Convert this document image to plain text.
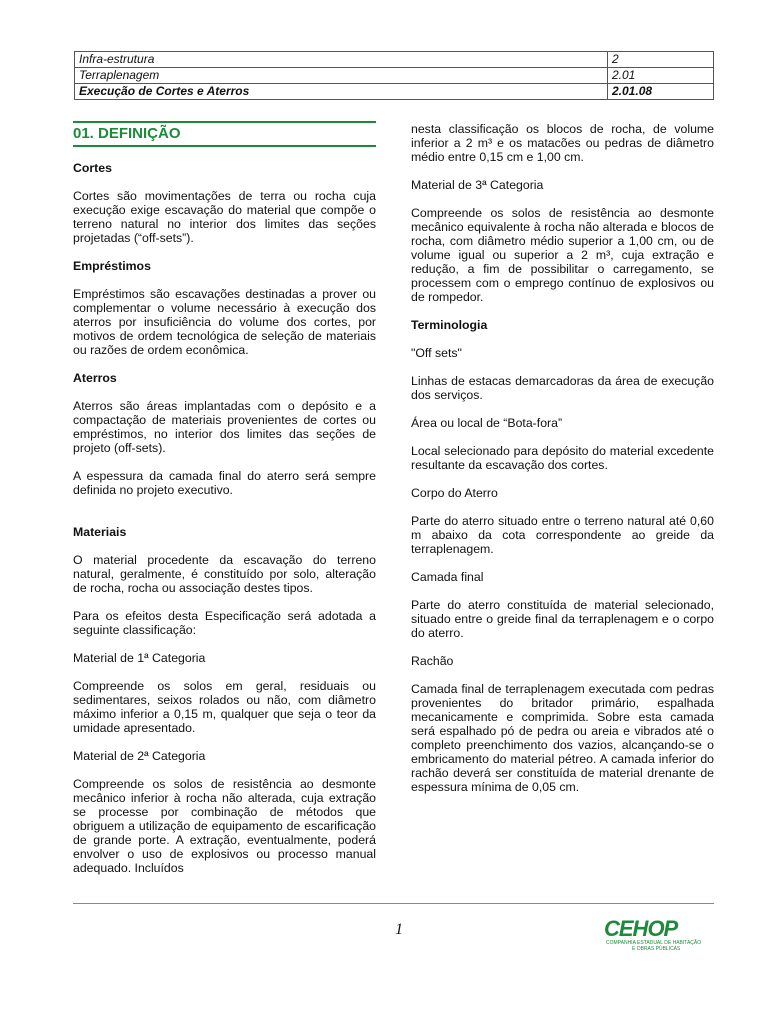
Infra-estrutura	2
Terraplenagem	2.01
Execução de Cortes e Aterros	2.01.08
01. DEFINIÇÃO

Cortes

Cortes são movimentações de terra ou rocha cuja execução exige escavação do material que compõe o terreno natural no interior dos limites das seções projetadas (“off-sets”).

Empréstimos

Empréstimos são escavações destinadas a prover ou complementar o volume necessário à execução dos aterros por insuficiência do volume dos cortes, por motivos de ordem tecnológica de seleção de materiais ou razões de ordem econômica.

Aterros

Aterros são áreas implantadas com o depósito e a compactação de materiais provenientes de cortes ou empréstimos, no interior dos limites das seções de projeto (off-sets).

A espessura da camada final do aterro será sempre definida no projeto executivo.

Materiais

O material procedente da escavação do terreno natural, geralmente, é constituído por solo, alteração de rocha, rocha ou associação destes tipos.

Para os efeitos desta Especificação será adotada a seguinte classificação:

Material de 1ª Categoria

Compreende os solos em geral, residuais ou sedimentares, seixos rolados ou não, com diâmetro máximo inferior a 0,15 m, qualquer que seja o teor da umidade apresentado.

Material de 2ª Categoria

Compreende os solos de resistência ao desmonte mecânico inferior à rocha não alterada, cuja extração se processe por combinação de métodos que obriguem a utilização de equipamento de escarificação de grande porte. A extração, eventualmente, poderá envolver o uso de explosivos ou processo manual adequado. Incluídos

nesta classificação os blocos de rocha, de volume inferior a 2 m³ e os matacões ou pedras de diâmetro médio entre 0,15 cm e 1,00 cm.

Material de 3ª Categoria

Compreende os solos de resistência ao desmonte mecânico equivalente à rocha não alterada e blocos de rocha, com diâmetro médio superior a 1,00 cm, ou de volume igual ou superior a 2 m³, cuja extração e redução, a fim de possibilitar o carregamento, se processem com o emprego contínuo de explosivos ou de rompedor.

Terminologia

"Off sets"

Linhas de estacas demarcadoras da área de execução dos serviços.

Área ou local de “Bota-fora”

Local selecionado para depósito do material excedente resultante da escavação dos cortes.

Corpo do Aterro

Parte do aterro situado entre o terreno natural até 0,60 m abaixo da cota correspondente ao greide da terraplenagem.

Camada final

Parte do aterro constituída de material selecionado, situado entre o greide final da terraplenagem e o corpo do aterro.

Rachão

Camada final de terraplenagem executada com pedras provenientes do britador primário, espalhada mecanicamente e comprimida. Sobre esta camada será espalhado pó de pedra ou areia e vibrados até o completo preenchimento dos vazios, alcançando-se o embricamento do material pétreo. A camada inferior do rachão deverá ser constituída de material drenante de espessura mínima de 0,05 cm.

1	CEHOP
COMPANHIA ESTADUAL DE HABITAÇÃO
E OBRAS PÚBLICAS
